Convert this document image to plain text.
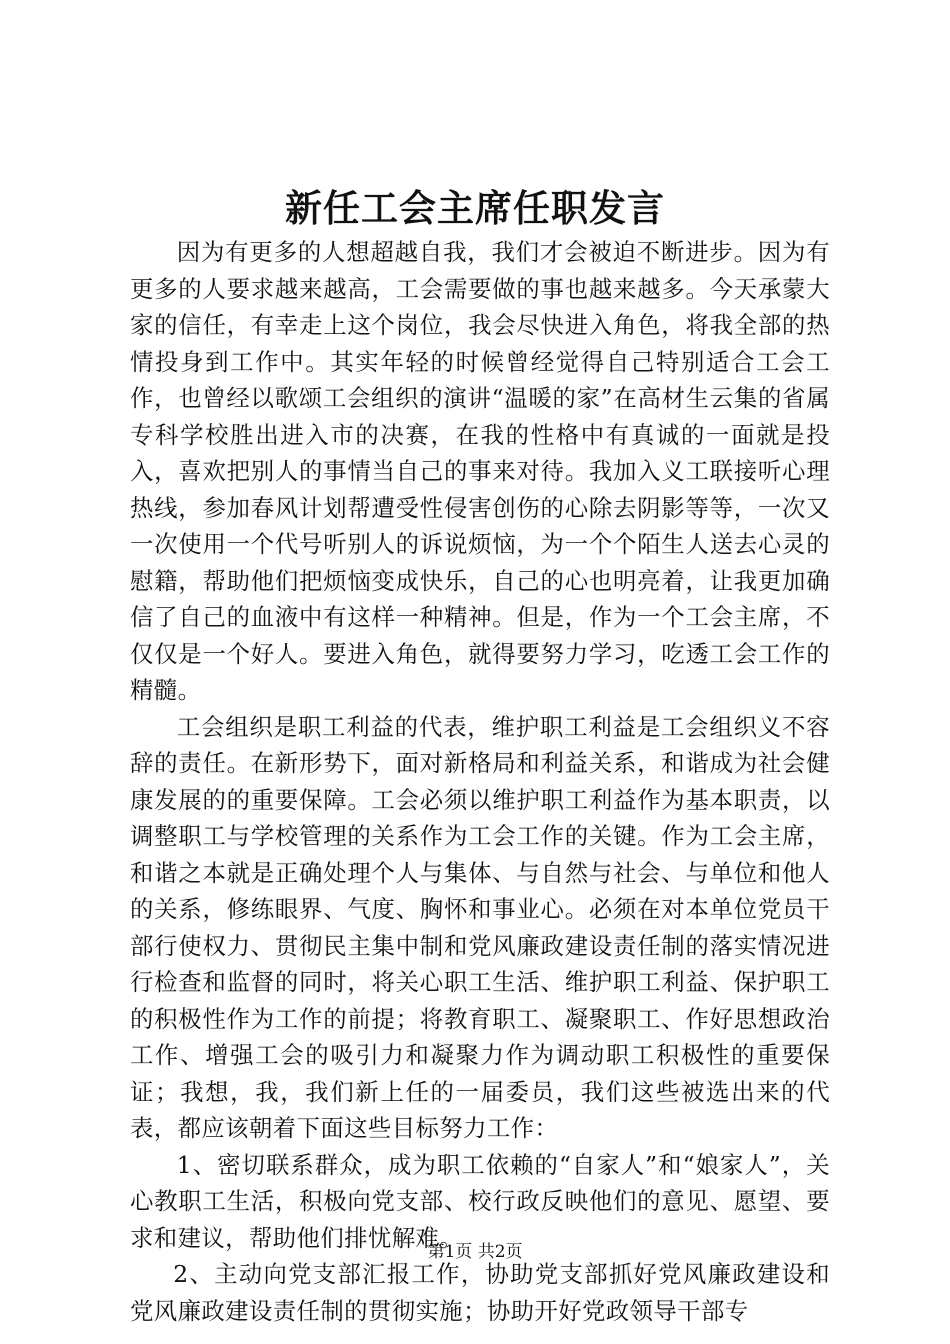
新任工会主席任职发言

因为有更多的人想超越自我，我们才会被迫不断进步。因为有更多的人要求越来越高，工会需要做的事也越来越多。今天承蒙大家的信任，有幸走上这个岗位，我会尽快进入角色，将我全部的热情投身到工作中。其实年轻的时候曾经觉得自己特别适合工会工作，也曾经以歌颂工会组织的演讲“温暖的家”在高材生云集的省属专科学校胜出进入市的决赛，在我的性格中有真诚的一面就是投入，喜欢把别人的事情当自己的事来对待。我加入义工联接听心理热线，参加春风计划帮遭受性侵害创伤的心除去阴影等等，一次又一次使用一个代号听别人的诉说烦恼，为一个个陌生人送去心灵的慰籍，帮助他们把烦恼变成快乐，自己的心也明亮着，让我更加确信了自己的血液中有这样一种精神。但是，作为一个工会主席，不仅仅是一个好人。要进入角色，就得要努力学习，吃透工会工作的精髓。

工会组织是职工利益的代表，维护职工利益是工会组织义不容辞的责任。在新形势下，面对新格局和利益关系，和谐成为社会健康发展的的重要保障。工会必须以维护职工利益作为基本职责，以调整职工与学校管理的关系作为工会工作的关键。作为工会主席，和谐之本就是正确处理个人与集体、与自然与社会、与单位和他人的关系，修练眼界、气度、胸怀和事业心。必须在对本单位党员干部行使权力、贯彻民主集中制和党风廉政建设责任制的落实情况进行检查和监督的同时，将关心职工生活、维护职工利益、保护职工的积极性作为工作的前提；将教育职工、凝聚职工、作好思想政治工作、增强工会的吸引力和凝聚力作为调动职工积极性的重要保证；我想，我，我们新上任的一届委员，我们这些被选出来的代表，都应该朝着下面这些目标努力工作：

1、密切联系群众，成为职工依赖的“自家人”和“娘家人”，关心教职工生活，积极向党支部、校行政反映他们的意见、愿望、要求和建议，帮助他们排忧解难。

2、主动向党支部汇报工作，协助党支部抓好党风廉政建设和党风廉政建设责任制的贯彻实施；协助开好党政领导干部专

第1页 共2页
